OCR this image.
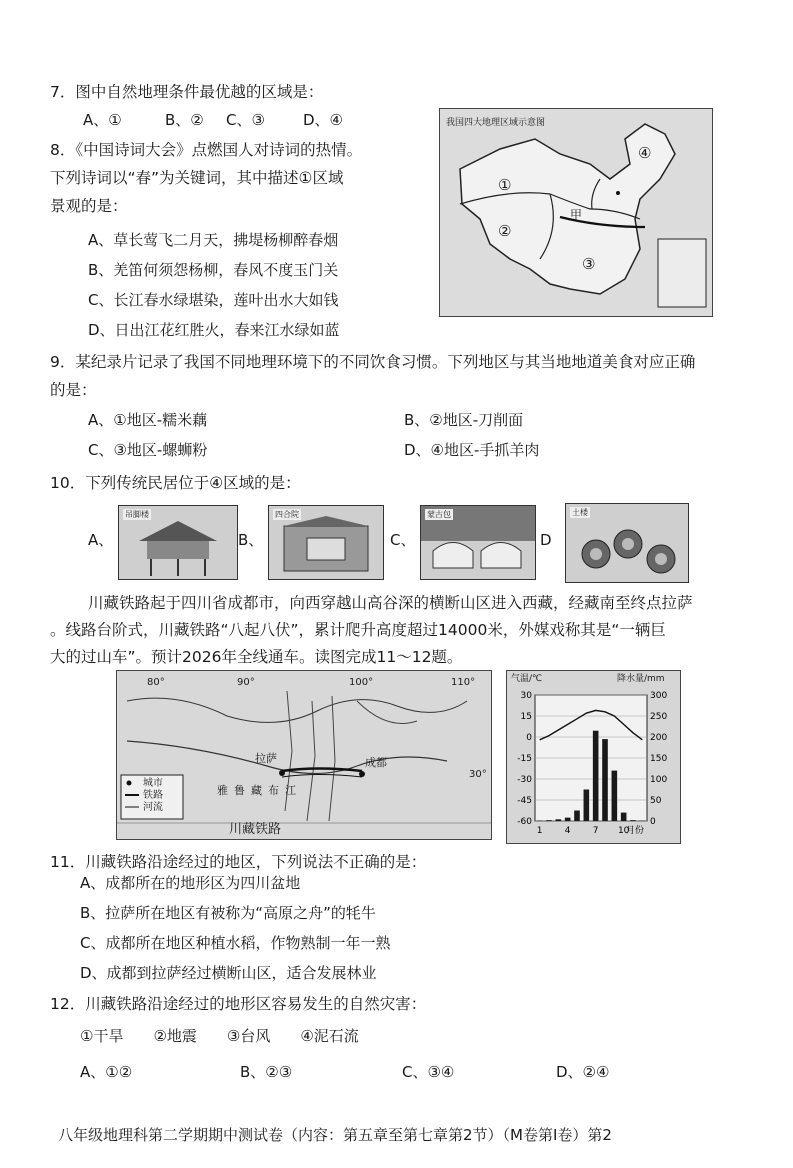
7．图中自然地理条件最优越的区域是：
A、①	B、② C、③	D、④
8．《中国诗词大会》点燃国人对诗词的热情。
下列诗词以“春”为关键词，其中描述①区域
景观的是：
A、草长莺飞二月天，拂堤杨柳醉春烟
B、羌笛何须怨杨柳，春风不度玉门关
C、长江春水绿堪染，莲叶出水大如钱
D、日出江花红胜火，春来江水绿如蓝
我国四大地理区域示意图
①
②
③
④
甲
9．某纪录片记录了我国不同地理环境下的不同饮食习惯。下列地区与其当地地道美食对应正确
的是：
A、①地区-糯米藕	B、②地区-刀削面
C、③地区-螺蛳粉	D、④地区-手抓羊肉
10．下列传统民居位于④区域的是：
A、
吊脚楼
B、
四合院
C、
蒙古包
D
土楼
川藏铁路起于四川省成都市，向西穿越山高谷深的横断山区进入西藏，经藏南至终点拉萨
。线路台阶式，川藏铁路“八起八伏”，累计爬升高度超过14000米，外媒戏称其是“一辆巨
大的过山车”。预计2026年全线通车。读图完成11～12题。
80°	90°	100°	110°
30°
拉萨	成都
雅鲁藏布江
城市
铁路
河流
川藏铁路
气温/℃	降水量/mm
30
15
0
-15
-30
-45
-60
300
250
200
150
100
50
0
1 4 7 10
月份
11．川藏铁路沿途经过的地区，下列说法不正确的是：
A、成都所在的地形区为四川盆地
B、拉萨所在地区有被称为“高原之舟”的牦牛
C、成都所在地区种植水稻，作物熟制一年一熟
D、成都到拉萨经过横断山区，适合发展林业
12．川藏铁路沿途经过的地形区容易发生的自然灾害：
①干旱　　②地震　　③台风　　④泥石流
A、①②	B、②③	C、③④	D、②④
八年级地理科第二学期期中测试卷（内容：第五章至第七章第2节）（M卷第I卷）第2
